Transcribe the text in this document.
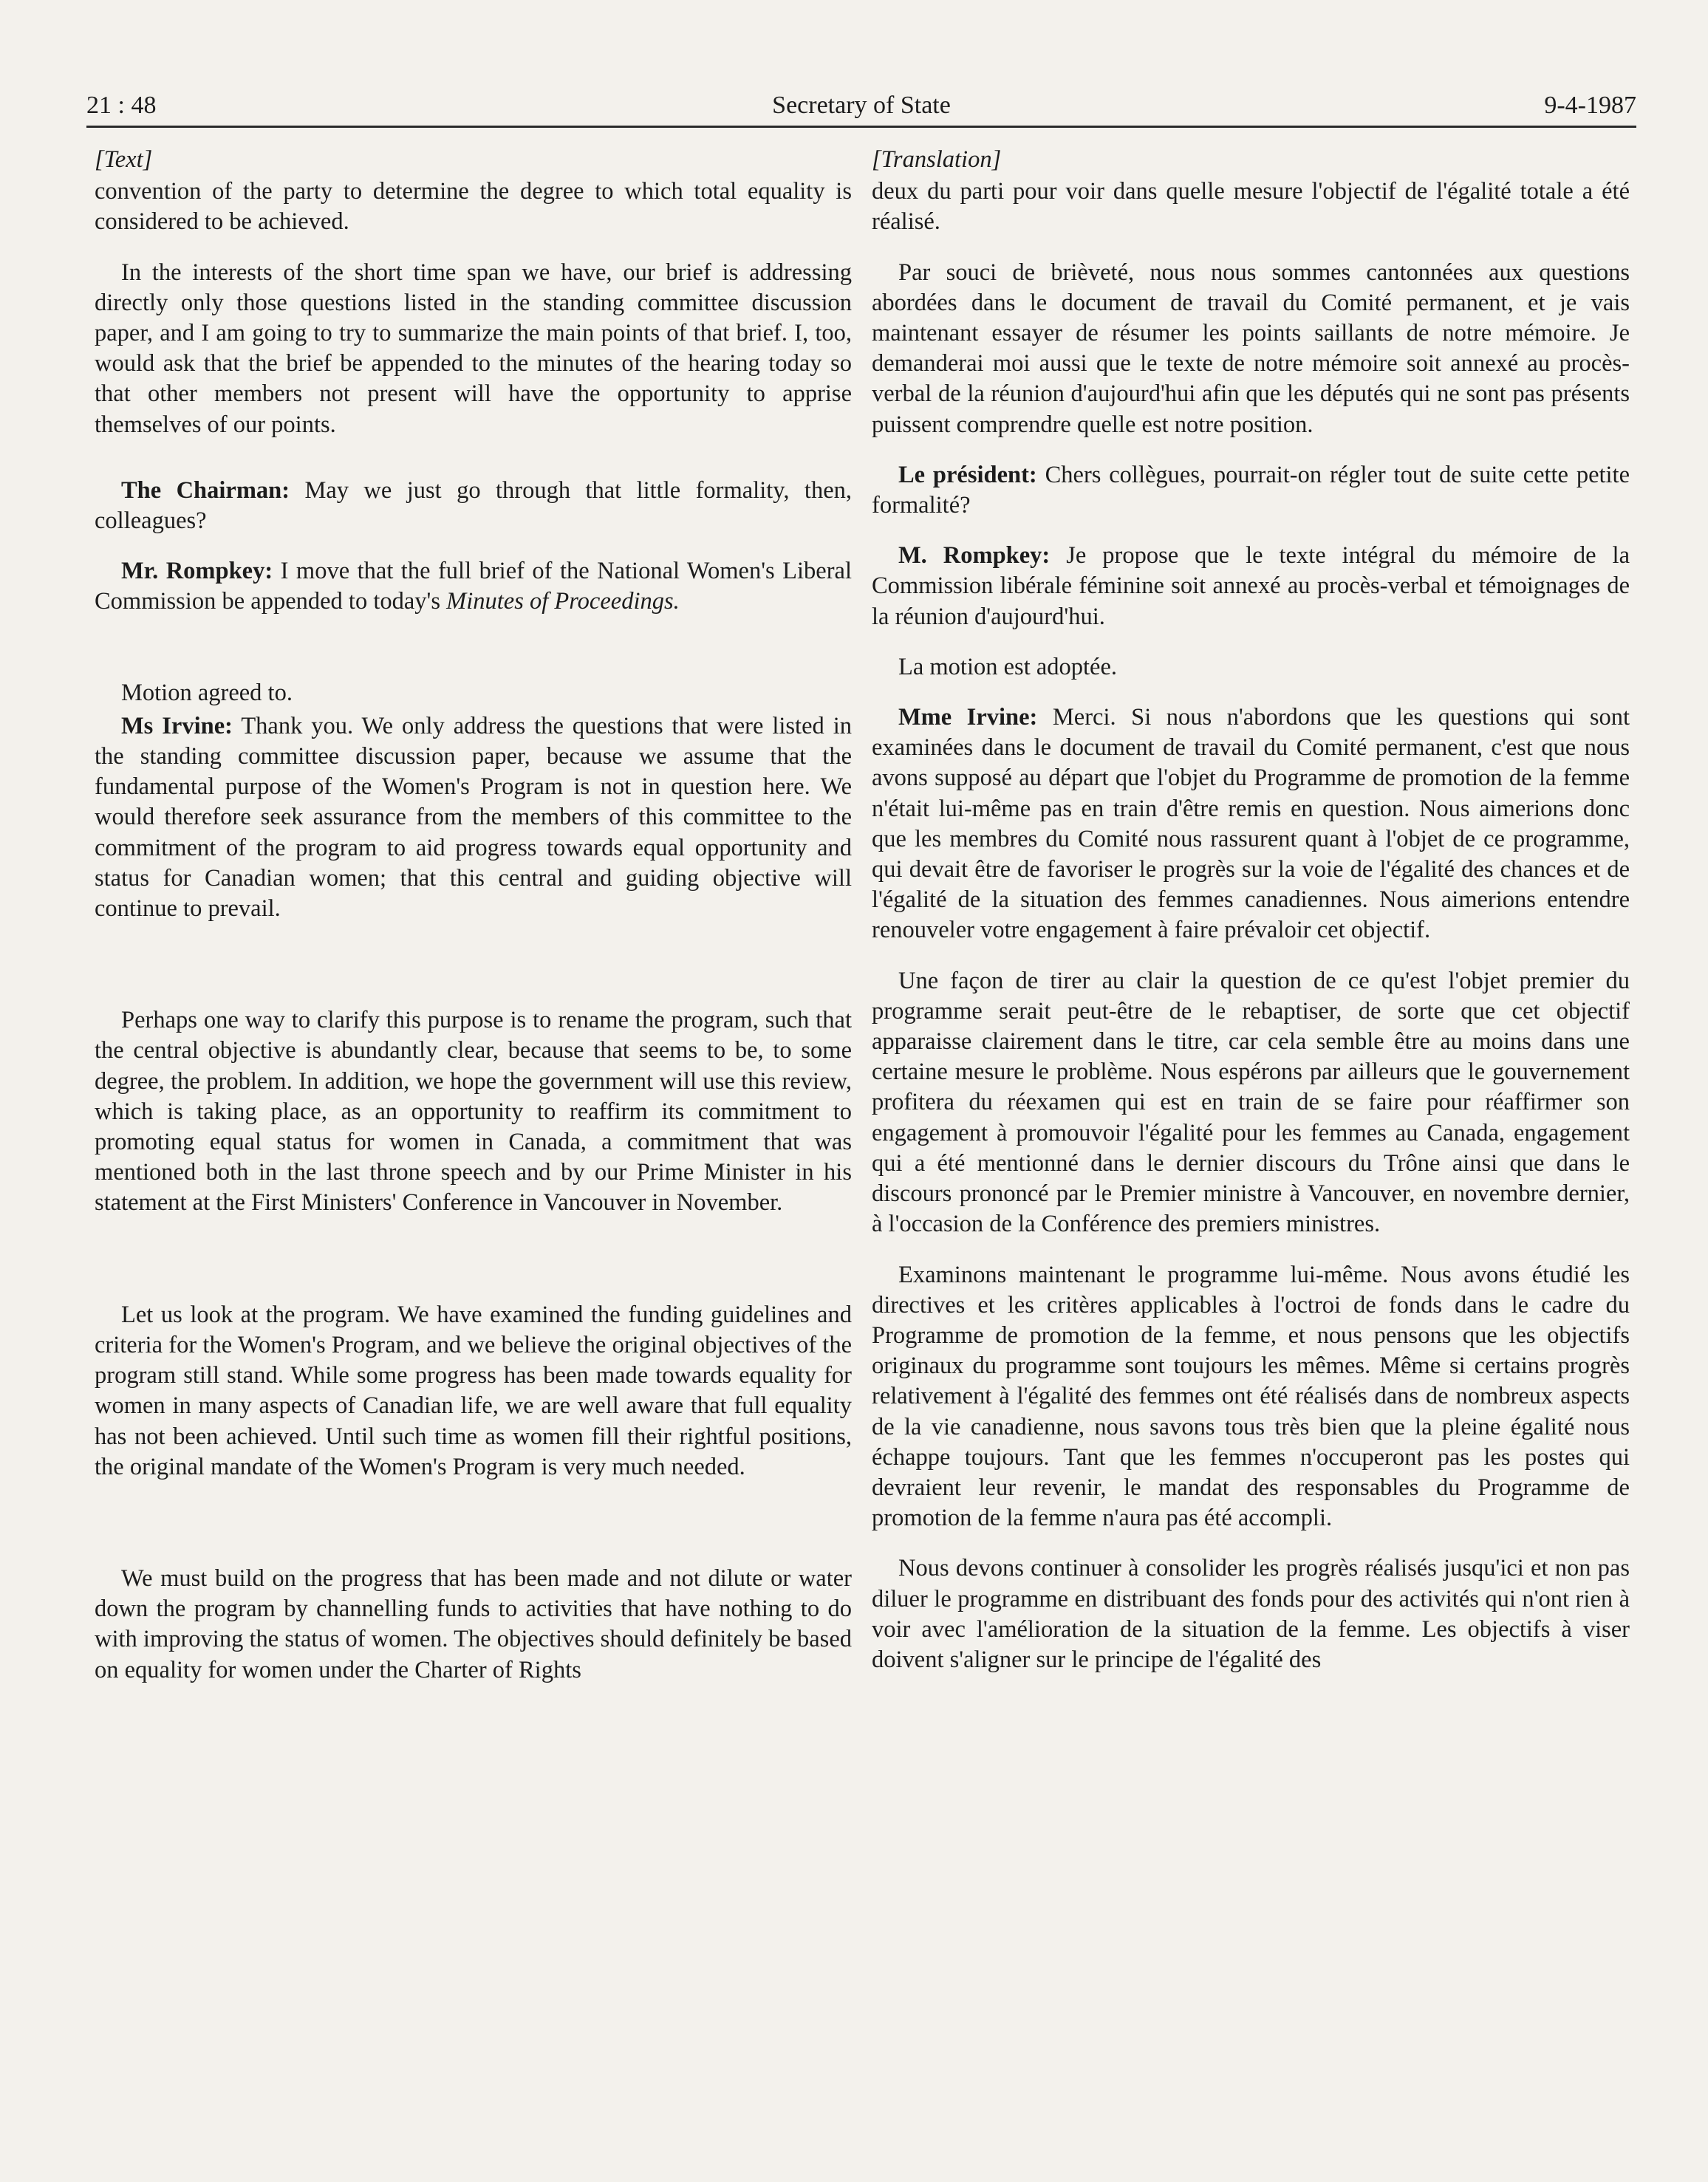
21 : 48	Secretary of State	9-4-1987

[Text]

convention of the party to determine the degree to which total equality is considered to be achieved.

In the interests of the short time span we have, our brief is addressing directly only those questions listed in the standing committee discussion paper, and I am going to try to summarize the main points of that brief. I, too, would ask that the brief be appended to the minutes of the hearing today so that other members not present will have the opportunity to apprise themselves of our points.

The Chairman: May we just go through that little formality, then, colleagues?

Mr. Rompkey: I move that the full brief of the National Women's Liberal Commission be appended to today's Minutes of Proceedings.

Motion agreed to.

Ms Irvine: Thank you. We only address the questions that were listed in the standing committee discussion paper, because we assume that the fundamental purpose of the Women's Program is not in question here. We would therefore seek assurance from the members of this committee to the commitment of the program to aid progress towards equal opportunity and status for Canadian women; that this central and guiding objective will continue to prevail.

Perhaps one way to clarify this purpose is to rename the program, such that the central objective is abundantly clear, because that seems to be, to some degree, the problem. In addition, we hope the government will use this review, which is taking place, as an opportunity to reaffirm its commitment to promoting equal status for women in Canada, a commitment that was mentioned both in the last throne speech and by our Prime Minister in his statement at the First Ministers' Conference in Vancouver in November.

Let us look at the program. We have examined the funding guidelines and criteria for the Women's Program, and we believe the original objectives of the program still stand. While some progress has been made towards equality for women in many aspects of Canadian life, we are well aware that full equality has not been achieved. Until such time as women fill their rightful positions, the original mandate of the Women's Program is very much needed.

We must build on the progress that has been made and not dilute or water down the program by channelling funds to activities that have nothing to do with improving the status of women. The objectives should definitely be based on equality for women under the Charter of Rights

[Translation]

deux du parti pour voir dans quelle mesure l'objectif de l'égalité totale a été réalisé.

Par souci de brièveté, nous nous sommes cantonnées aux questions abordées dans le document de travail du Comité permanent, et je vais maintenant essayer de résumer les points saillants de notre mémoire. Je demanderai moi aussi que le texte de notre mémoire soit annexé au procès-verbal de la réunion d'aujourd'hui afin que les députés qui ne sont pas présents puissent comprendre quelle est notre position.

Le président: Chers collègues, pourrait-on régler tout de suite cette petite formalité?

M. Rompkey: Je propose que le texte intégral du mémoire de la Commission libérale féminine soit annexé au procès-verbal et témoignages de la réunion d'aujourd'hui.

La motion est adoptée.

Mme Irvine: Merci. Si nous n'abordons que les questions qui sont examinées dans le document de travail du Comité permanent, c'est que nous avons supposé au départ que l'objet du Programme de promotion de la femme n'était lui-même pas en train d'être remis en question. Nous aimerions donc que les membres du Comité nous rassurent quant à l'objet de ce programme, qui devait être de favoriser le progrès sur la voie de l'égalité des chances et de l'égalité de la situation des femmes canadiennes. Nous aimerions entendre renouveler votre engagement à faire prévaloir cet objectif.

Une façon de tirer au clair la question de ce qu'est l'objet premier du programme serait peut-être de le rebaptiser, de sorte que cet objectif apparaisse clairement dans le titre, car cela semble être au moins dans une certaine mesure le problème. Nous espérons par ailleurs que le gouvernement profitera du réexamen qui est en train de se faire pour réaffirmer son engagement à promouvoir l'égalité pour les femmes au Canada, engagement qui a été mentionné dans le dernier discours du Trône ainsi que dans le discours prononcé par le Premier ministre à Vancouver, en novembre dernier, à l'occasion de la Conférence des premiers ministres.

Examinons maintenant le programme lui-même. Nous avons étudié les directives et les critères applicables à l'octroi de fonds dans le cadre du Programme de promotion de la femme, et nous pensons que les objectifs originaux du programme sont toujours les mêmes. Même si certains progrès relativement à l'égalité des femmes ont été réalisés dans de nombreux aspects de la vie canadienne, nous savons tous très bien que la pleine égalité nous échappe toujours. Tant que les femmes n'occuperont pas les postes qui devraient leur revenir, le mandat des responsables du Programme de promotion de la femme n'aura pas été accompli.

Nous devons continuer à consolider les progrès réalisés jusqu'ici et non pas diluer le programme en distribuant des fonds pour des activités qui n'ont rien à voir avec l'amélioration de la situation de la femme. Les objectifs à viser doivent s'aligner sur le principe de l'égalité des
